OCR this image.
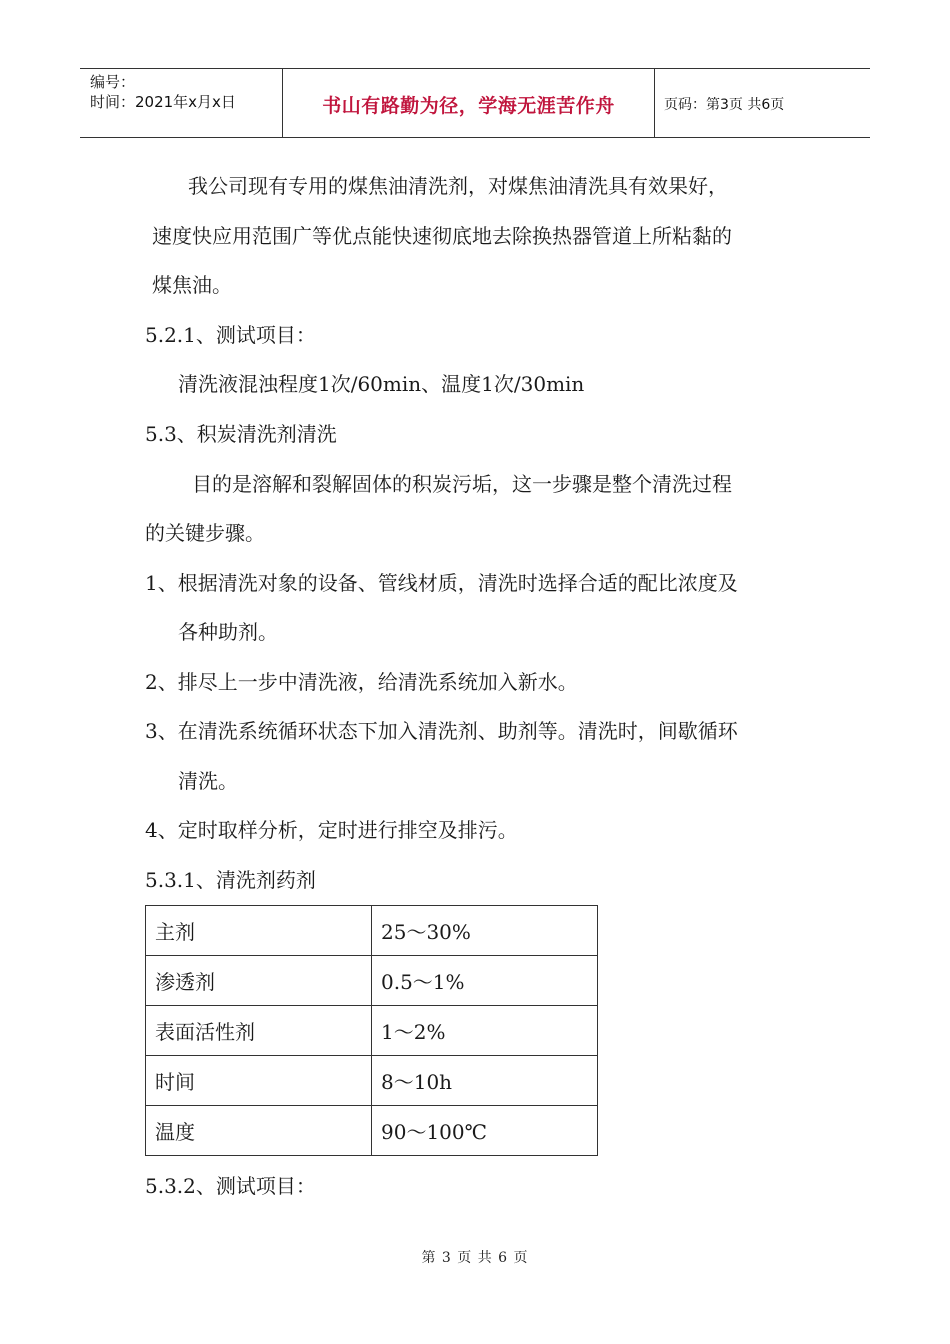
编号：
时间：2021年x月x日	书山有路勤为径，学海无涯苦作舟	页码：第3页 共6页
我公司现有专用的煤焦油清洗剂，对煤焦油清洗具有效果好，
速度快应用范围广等优点能快速彻底地去除换热器管道上所粘黏的
煤焦油。
5.2.1、测试项目：
清洗液混浊程度1次/60min、温度1次/30min
5.3、积炭清洗剂清洗
目的是溶解和裂解固体的积炭污垢，这一步骤是整个清洗过程
的关键步骤。
1、根据清洗对象的设备、管线材质，清洗时选择合适的配比浓度及
各种助剂。
2、排尽上一步中清洗液，给清洗系统加入新水。
3、在清洗系统循环状态下加入清洗剂、助剂等。清洗时，间歇循环
清洗。
4、定时取样分析，定时进行排空及排污。
5.3.1、清洗剂药剂
主剂	25～30%
渗透剂	0.5～1%
表面活性剂	1～2%
时间	8～10h
温度	90～100℃
5.3.2、测试项目：
第 3 页 共 6 页
